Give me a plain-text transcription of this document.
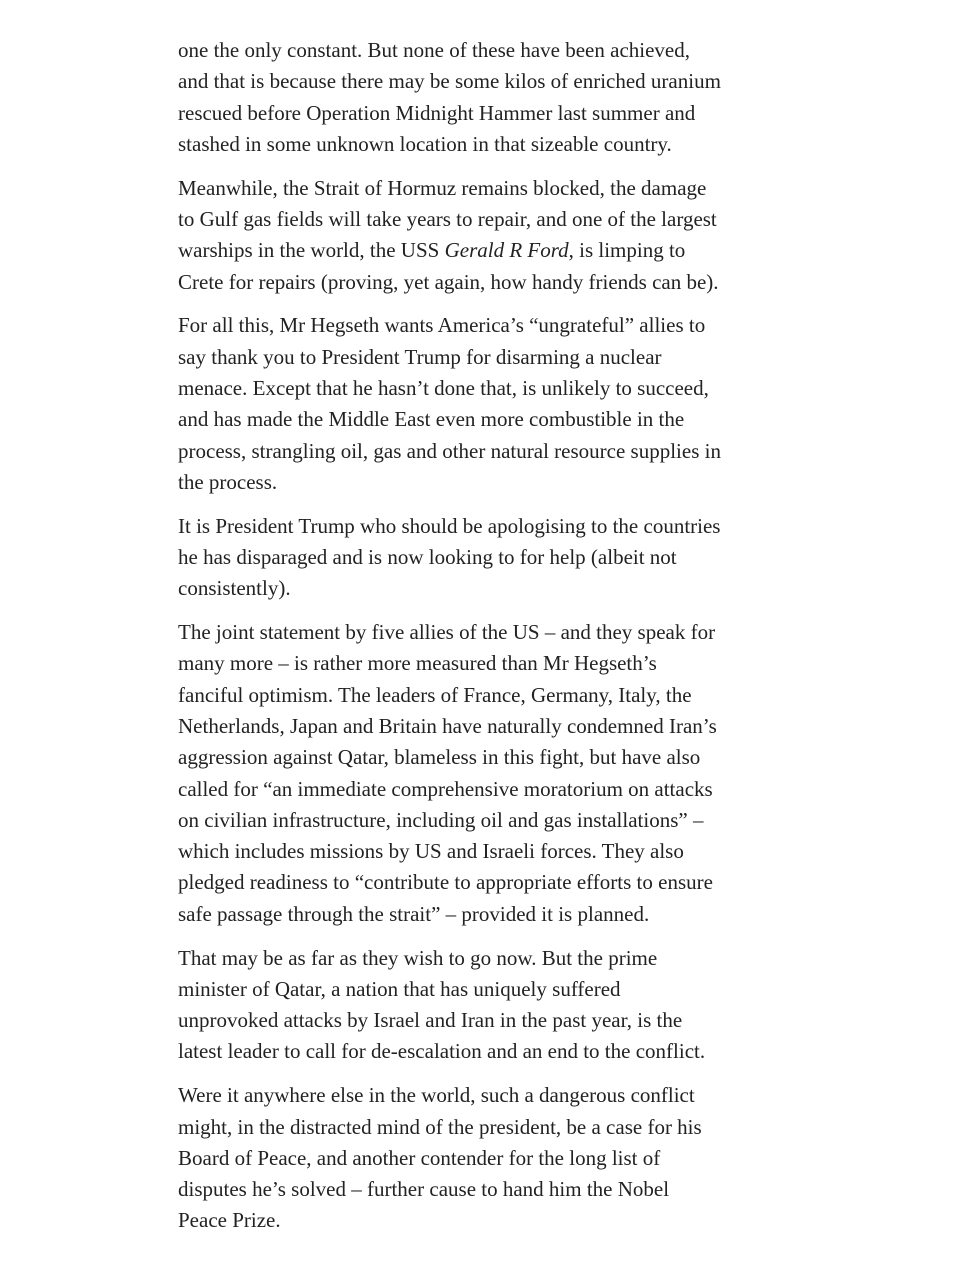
one the only constant. But none of these have been achieved,
and that is because there may be some kilos of enriched uranium
rescued before Operation Midnight Hammer last summer and
stashed in some unknown location in that sizeable country.

Meanwhile, the Strait of Hormuz remains blocked, the damage
to Gulf gas fields will take years to repair, and one of the largest
warships in the world, the USS Gerald R Ford, is limping to
Crete for repairs (proving, yet again, how handy friends can be).

For all this, Mr Hegseth wants America’s “ungrateful” allies to
say thank you to President Trump for disarming a nuclear
menace. Except that he hasn’t done that, is unlikely to succeed,
and has made the Middle East even more combustible in the
process, strangling oil, gas and other natural resource supplies in
the process.

It is President Trump who should be apologising to the countries
he has disparaged and is now looking to for help (albeit not
consistently).

The joint statement by five allies of the US – and they speak for
many more – is rather more measured than Mr Hegseth’s
fanciful optimism. The leaders of France, Germany, Italy, the
Netherlands, Japan and Britain have naturally condemned Iran’s
aggression against Qatar, blameless in this fight, but have also
called for “an immediate comprehensive moratorium on attacks
on civilian infrastructure, including oil and gas installations” –
which includes missions by US and Israeli forces. They also
pledged readiness to “contribute to appropriate efforts to ensure
safe passage through the strait” – provided it is planned.

That may be as far as they wish to go now. But the prime
minister of Qatar, a nation that has uniquely suffered
unprovoked attacks by Israel and Iran in the past year, is the
latest leader to call for de-escalation and an end to the conflict.

Were it anywhere else in the world, such a dangerous conflict
might, in the distracted mind of the president, be a case for his
Board of Peace, and another contender for the long list of
disputes he’s solved – further cause to hand him the Nobel
Peace Prize.
